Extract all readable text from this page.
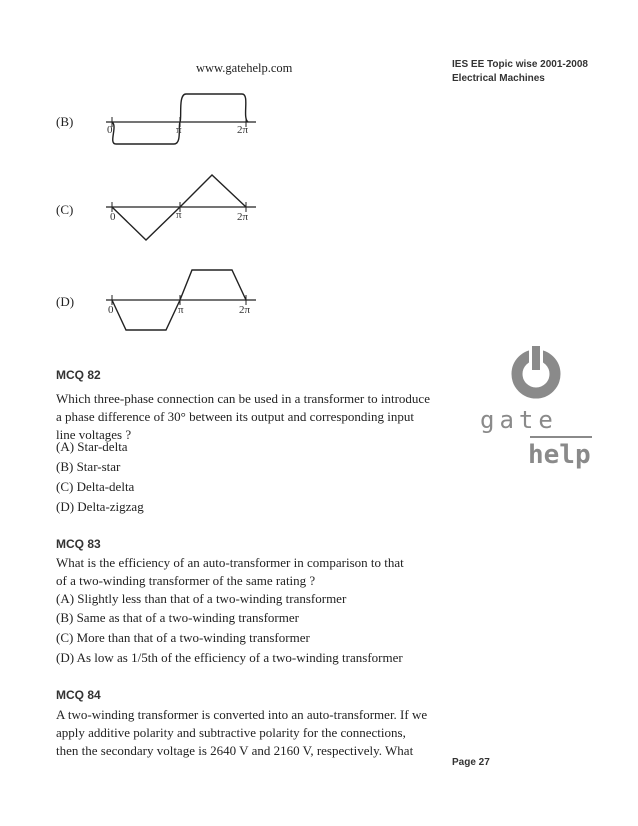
www.gatehelp.com	IES EE Topic wise 2001-2008
Electrical Machines
(B)
0	π	2π
(C)	0	π	2π
(D)
0	π	2π
gate
help
MCQ 82
Which three-phase connection can be used in a transformer to introduce
a phase difference of 30° between its output and corresponding input
line voltages ?
(A) Star-delta
(B) Star-star
(C) Delta-delta
(D) Delta-zigzag
MCQ 83
What is the efficiency of an auto-transformer in comparison to that
of a two-winding transformer of the same rating ?
(A) Slightly less than that of a two-winding transformer
(B) Same as that of a two-winding transformer
(C) More than that of a two-winding transformer
(D) As low as 1/5th of the efficiency of a two-winding transformer
MCQ 84
A two-winding transformer is converted into an auto-transformer. If we
apply additive polarity and subtractive polarity for the connections,
then the secondary voltage is 2640 V and 2160 V, respectively. What
Page 27
